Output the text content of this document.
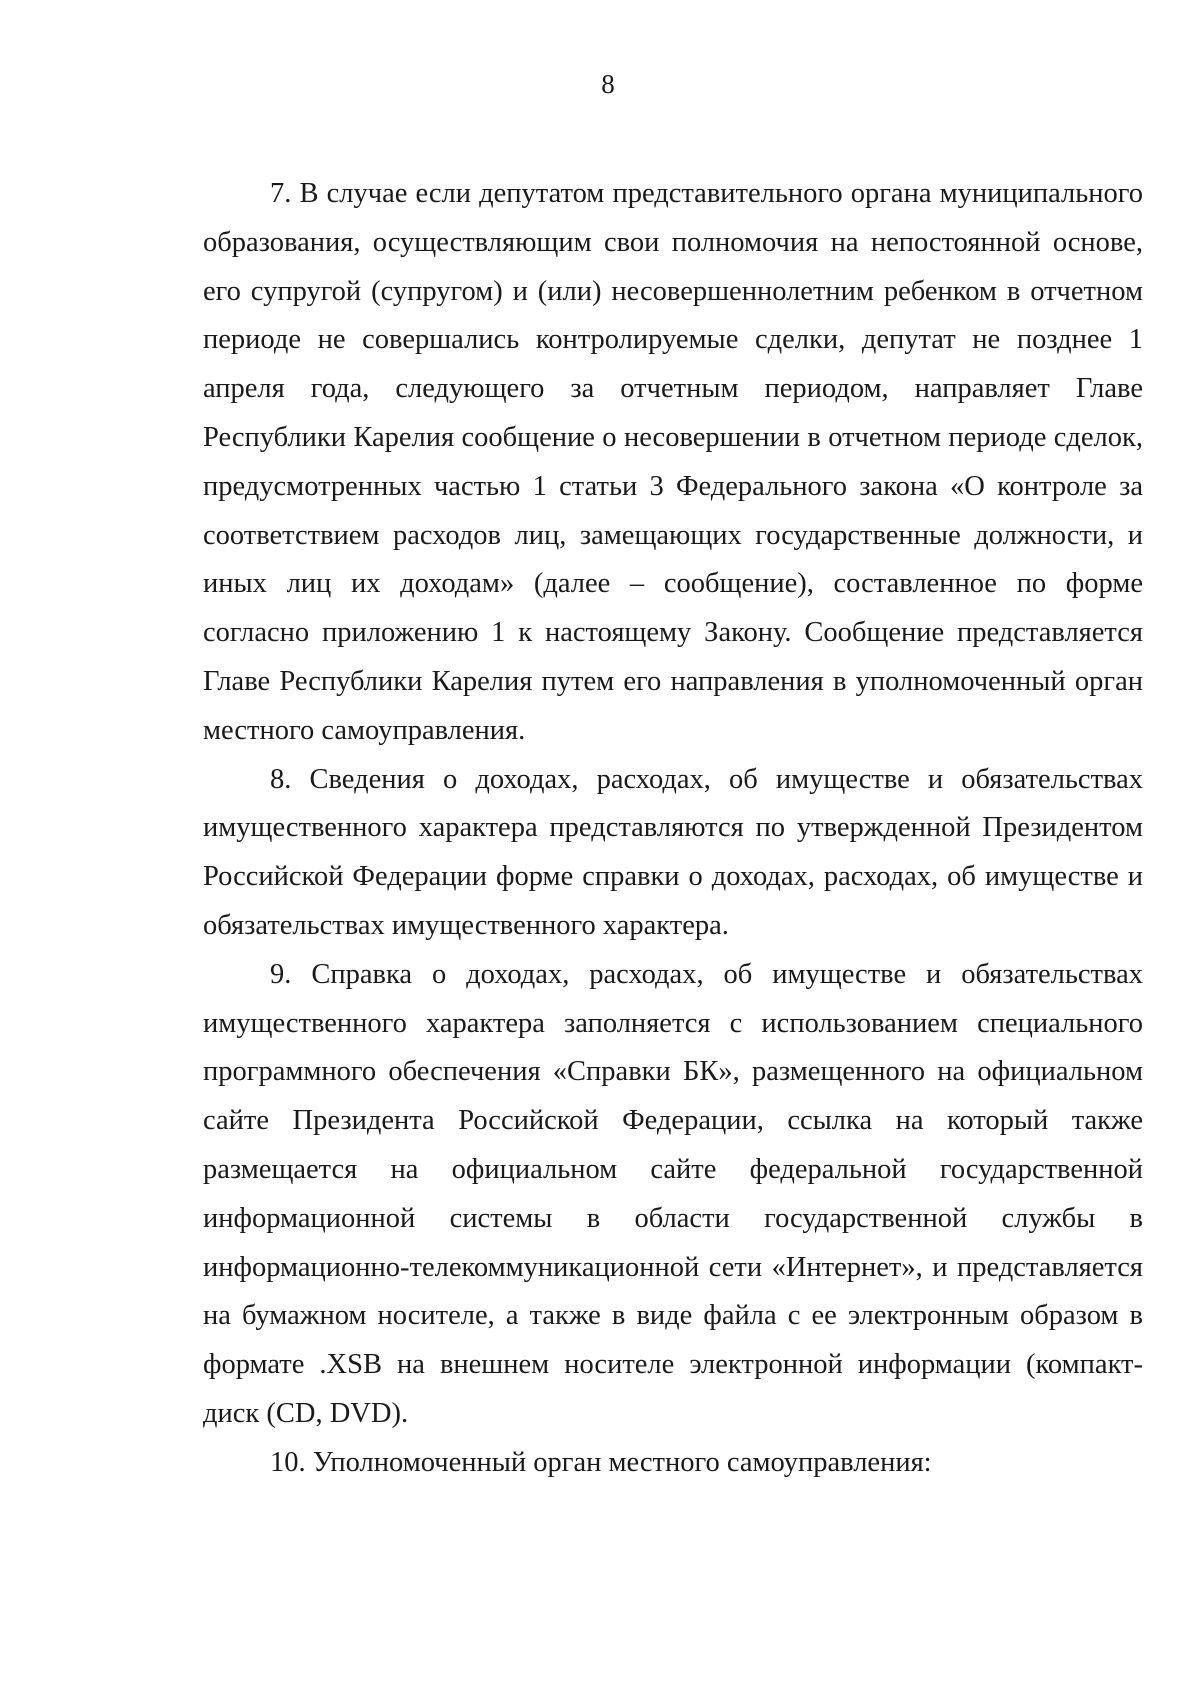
8

7. В случае если депутатом представительного органа муниципального образования, осуществляющим свои полномочия на непостоянной основе, его супругой (супругом) и (или) несовершеннолетним ребенком в отчетном периоде не совершались контролируемые сделки, депутат не позднее 1 апреля года, следующего за отчетным периодом, направляет Главе Республики Карелия сообщение о несовершении в отчетном периоде сделок, предусмотренных частью 1 статьи 3 Федерального закона «О контроле за соответствием расходов лиц, замещающих государственные должности, и иных лиц их доходам» (далее – сообщение), составленное по форме согласно приложению 1 к настоящему Закону. Сообщение представляется Главе Республики Карелия путем его направления в уполномоченный орган местного самоуправления.

8. Сведения о доходах, расходах, об имуществе и обязательствах имущественного характера представляются по утвержденной Президентом Российской Федерации форме справки о доходах, расходах, об имуществе и обязательствах имущественного характера.

9. Справка о доходах, расходах, об имуществе и обязательствах имущественного характера заполняется с использованием специального программного обеспечения «Справки БК», размещенного на официальном сайте Президента Российской Федерации, ссылка на который также размещается на официальном сайте федеральной государственной информационной системы в области государственной службы в информационно-телекоммуникационной сети «Интернет», и представляется на бумажном носителе, а также в виде файла с ее электронным образом в формате .XSB на внешнем носителе электронной информации (компакт-диск (CD, DVD).

10. Уполномоченный орган местного самоуправления:
